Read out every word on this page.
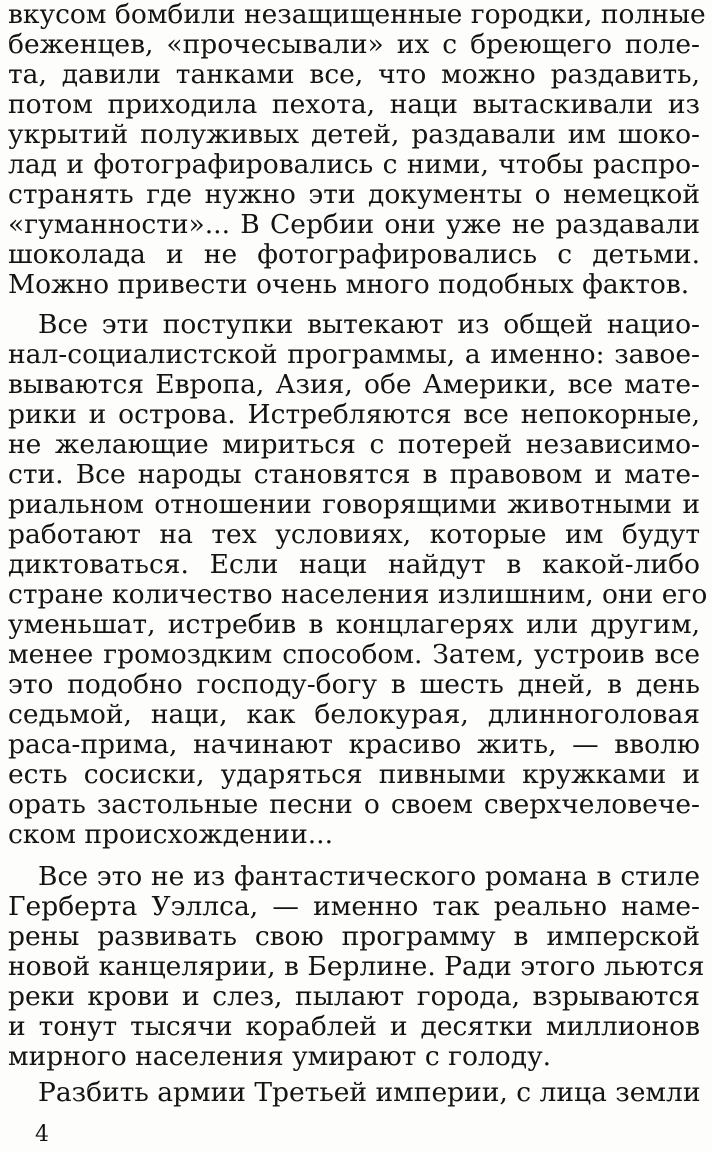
вкусом бомбили незащищенные городки, полные
беженцев, «прочесывали» их с бреющего поле-
та, давили танками все, что можно раздавить,
потом приходила пехота, наци вытаскивали из
укрытий полуживых детей, раздавали им шоко-
лад и фотографировались с ними, чтобы распро-
странять где нужно эти документы о немецкой
«гуманности»... В Сербии они уже не раздавали
шоколада и не фотографировались с детьми.
Можно привести очень много подобных фактов.
Все эти поступки вытекают из общей нацио-
нал-социалистской программы, а именно: завое-
вываются Европа, Азия, обе Америки, все мате-
рики и острова. Истребляются все непокорные,
не желающие мириться с потерей независимо-
сти. Все народы становятся в правовом и мате-
риальном отношении говорящими животными и
работают на тех условиях, которые им будут
диктоваться. Если наци найдут в какой-либо
стране количество населения излишним, они его
уменьшат, истребив в концлагерях или другим,
менее громоздким способом. Затем, устроив все
это подобно господу-богу в шесть дней, в день
седьмой, наци, как белокурая, длинноголовая
раса-прима, начинают красиво жить, — вволю
есть сосиски, ударяться пивными кружками и
орать застольные песни о своем сверхчеловече-
ском происхождении...
Все это не из фантастического романа в стиле
Герберта Уэллса, — именно так реально наме-
рены развивать свою программу в имперской
новой канцелярии, в Берлине. Ради этого льются
реки крови и слез, пылают города, взрываются
и тонут тысячи кораблей и десятки миллионов
мирного населения умирают с голоду.
Разбить армии Третьей империи, с лица земли
4
